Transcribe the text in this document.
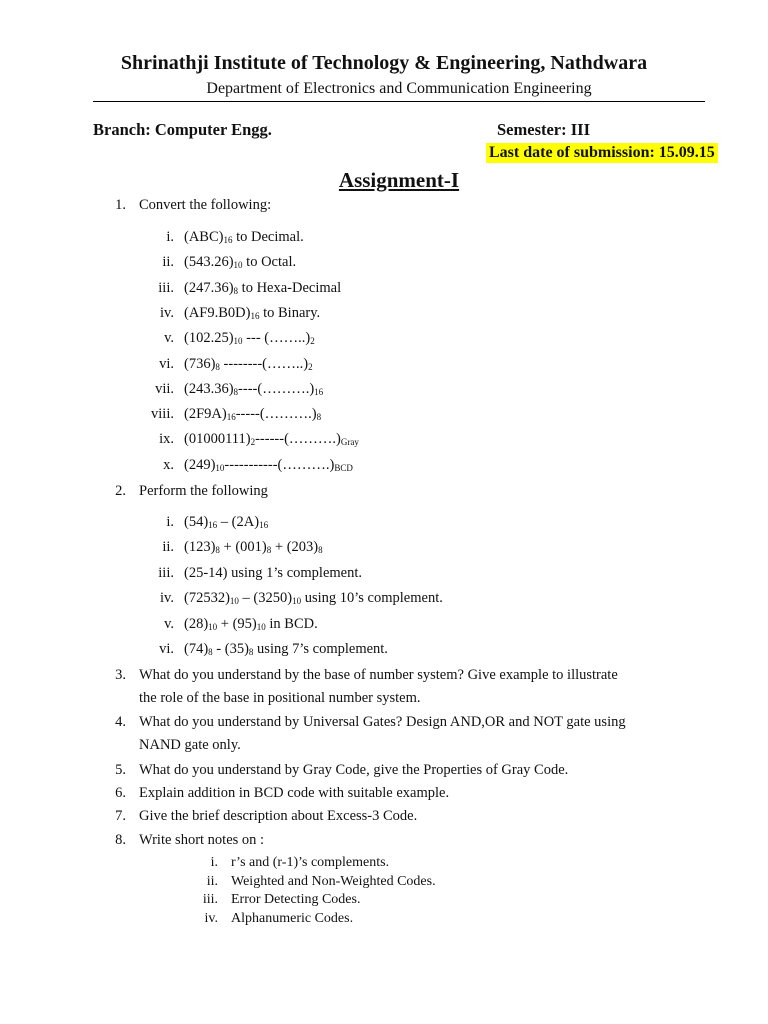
Shrinathji Institute of Technology & Engineering, Nathdwara
Department of Electronics and Communication Engineering
Branch: Computer Engg.	Semester: III
Last date of submission: 15.09.15
Assignment-I
1. Convert the following:
i. $(ABC)_{16}$ to Decimal.
ii. $(543.26)_{10}$ to Octal.
iii. $(247.36)_8$ to Hexa-Decimal
iv. $(AF9.B0D)_{16}$ to Binary.
v. $(102.25)_{10}$ --- $(\dots\dots..)_2$
vi. $(736)_8$ $--------(\dots\dots..)_2$
vii. $(243.36)_8----(\dots\dots\dots.)_{16}$
viii. $(2F9A)_{16}-----(\dots\dots\dots.)_8$
ix. $(01000111)_2------(\dots\dots\dots.)_{Gray}$
x. $(249)_{10}-----------(\dots\dots\dots.)_{BCD}$
2. Perform the following
i. $(54)_{16} - (2A)_{16}$
ii. $(123)_8 + (001)_8 + (203)_8$
iii. (25-14) using 1’s complement.
iv. $(72532)_{10} - (3250)_{10}$ using 10’s complement.
v. $(28)_{10} + (95)_{10}$ in BCD.
vi. $(74)_8 - (35)_8$ using 7’s complement.
3. What do you understand by the base of number system? Give example to illustrate
the role of the base in positional number system.
4. What do you understand by Universal Gates? Design AND,OR and NOT gate using
NAND gate only.
5. What do you understand by Gray Code, give the Properties of Gray Code.
6. Explain addition in BCD code with suitable example.
7. Give the brief description about Excess-3 Code.
8. Write short notes on :
i. r’s and (r-1)’s complements.
ii. Weighted and Non-Weighted Codes.
iii. Error Detecting Codes.
iv. Alphanumeric Codes.
